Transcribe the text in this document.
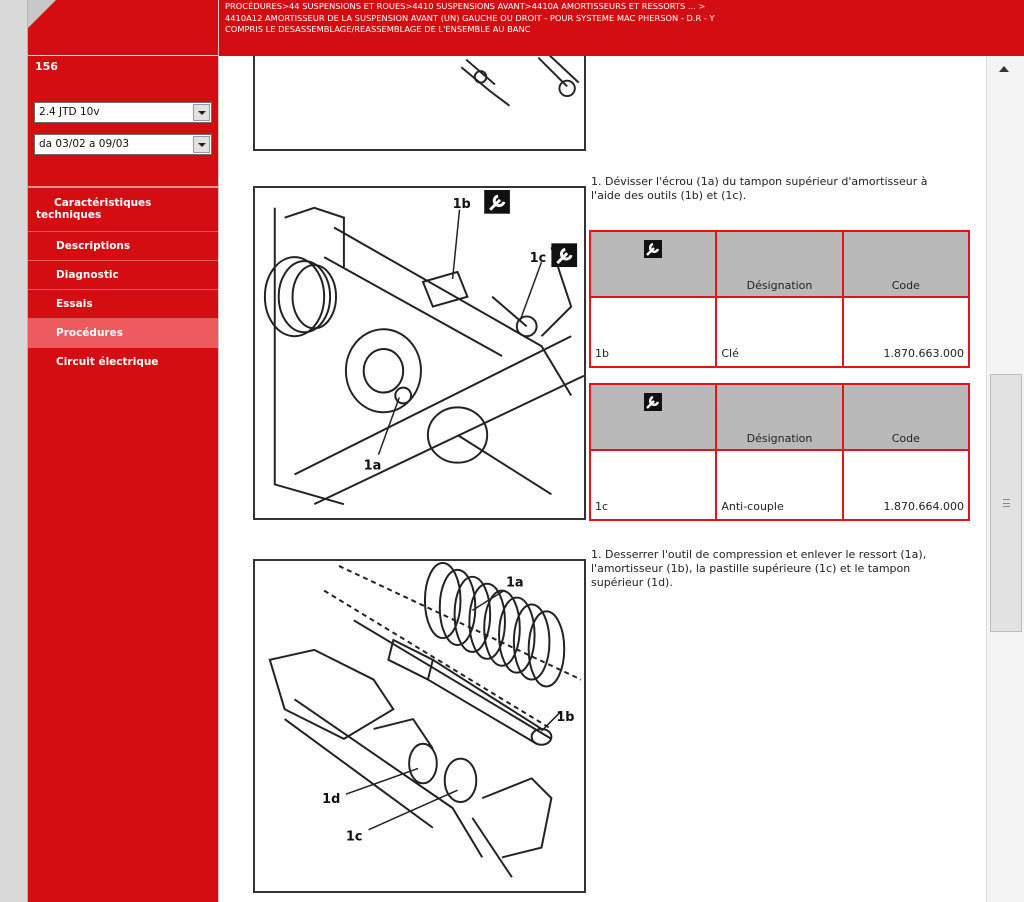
PROCÉDURES>44 SUSPENSIONS ET ROUES>4410 SUSPENSIONS AVANT>4410A AMORTISSEURS ET RESSORTS ... >
4410A12 AMORTISSEUR DE LA SUSPENSION AVANT (UN) GAUCHE OU DROIT - POUR SYSTEME MAC PHERSON - D.R - Y
COMPRIS LE DESASSEMBLAGE/REASSEMBLAGE DE L'ENSEMBLE AU BANC
156
2.4 JTD 10v
da 03/02 a 09/03
Caractéristiques techniques
Descriptions
Diagnostic
Essais
Procédures
Circuit électrique
1b
1c
1a
1. Dévisser l'écrou (1a) du tampon supérieur d'amortisseur à l'aide des outils (1b) et (1c).
	Désignation	Code
1b	Clé	1.870.663.000
	Désignation	Code
1c	Anti-couple	1.870.664.000
1a
1b
1d
1c
1. Desserrer l'outil de compression et enlever le ressort (1a), l'amortisseur (1b), la pastille supérieure (1c) et le tampon supérieur (1d).
